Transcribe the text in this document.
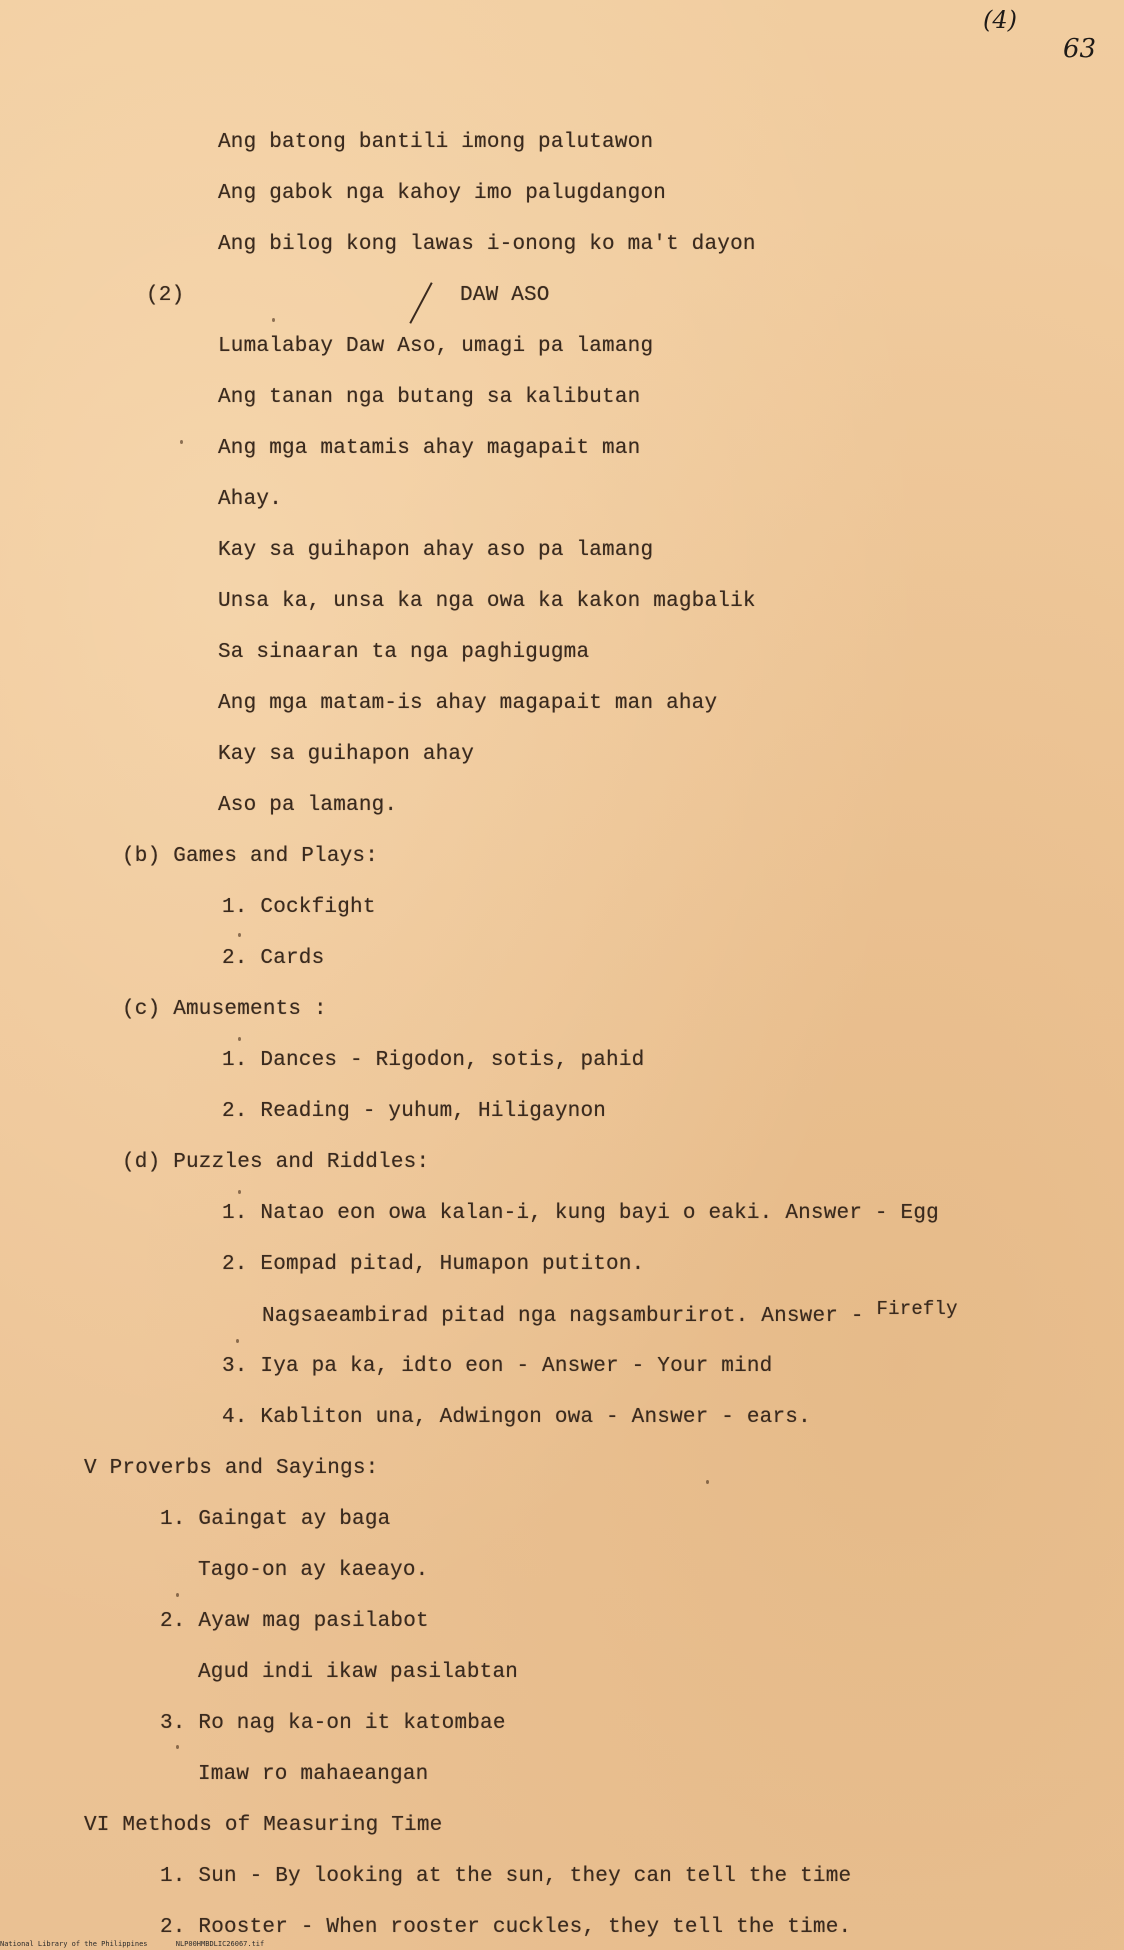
(4)
63
Ang batong bantili imong palutawon
Ang gabok nga kahoy imo palugdangon
Ang bilog kong lawas i-onong ko ma't dayon
(2)	DAW ASO
Lumalabay Daw Aso, umagi pa lamang
Ang tanan nga butang sa kalibutan
Ang mga matamis ahay magapait man
Ahay.
Kay sa guihapon ahay aso pa lamang
Unsa ka, unsa ka nga owa ka kakon magbalik
Sa sinaaran ta nga paghigugma
Ang mga matam-is ahay magapait man ahay
Kay sa guihapon ahay
Aso pa lamang.
(b) Games and Plays:
1. Cockfight
2. Cards
(c) Amusements :
1. Dances - Rigodon, sotis, pahid
2. Reading - yuhum, Hiligaynon
(d) Puzzles and Riddles:
1. Natao eon owa kalan-i, kung bayi o eaki. Answer - Egg
2. Eompad pitad, Humapon putiton.
Nagsaeambirad pitad nga nagsamburirot. Answer - Firefly
3. Iya pa ka, idto eon - Answer - Your mind
4. Kabliton una, Adwingon owa - Answer - ears.
V Proverbs and Sayings:
1. Gaingat ay baga
Tago-on ay kaeayo.
2. Ayaw mag pasilabot
Agud indi ikaw pasilabtan
3. Ro nag ka-on it katombae
Imaw ro mahaeangan
VI Methods of Measuring Time
1. Sun - By looking at the sun, they can tell the time
2. Rooster - When rooster cuckles, they tell the time.
National Library of the Philippines	NLP00HMBDLIC26067.tif
